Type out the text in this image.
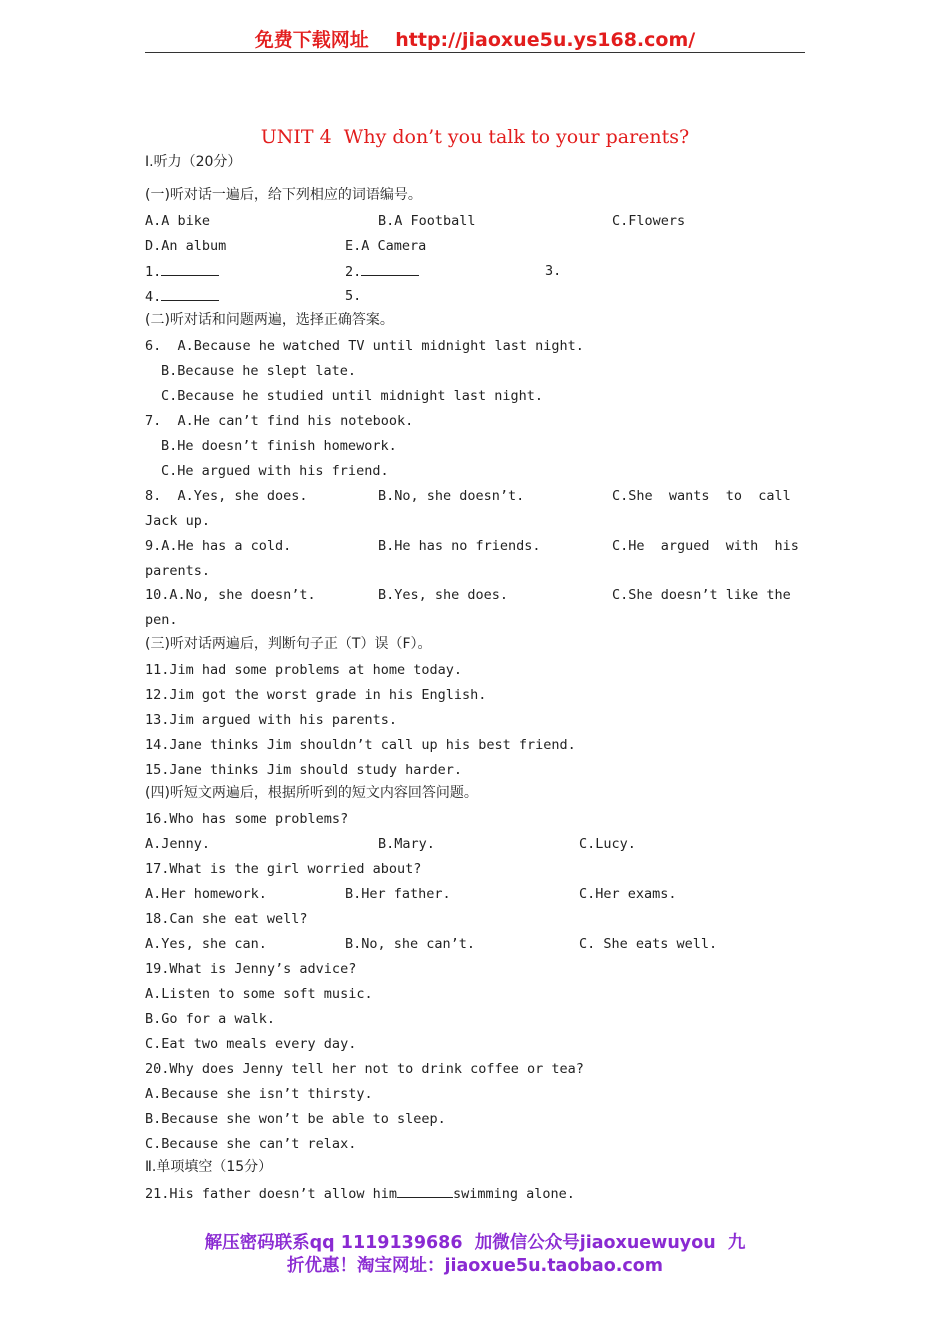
免费下载网址    http://jiaoxue5u.ys168.com/
UNIT 4  Why don’t you talk to your parents?
Ⅰ.听力（20分）
(一)听对话一遍后，给下列相应的词语编号。
A.A bike	B.A Football	C.Flowers
D.An album	E.A Camera
1.	2.	3.
4.	5.
(二)听对话和问题两遍，选择正确答案。
6.  A.Because he watched TV until midnight last night.
B.Because he slept late.
C.Because he studied until midnight last night.
7.  A.He can’t find his notebook.
B.He doesn’t finish homework.
C.He argued with his friend.
8.  A.Yes, she does.	B.No, she doesn’t.	C.She  wants  to  call
Jack up.
9.A.He has a cold.	B.He has no friends.	C.He  argued  with  his
parents.
10.A.No, she doesn’t.	B.Yes, she does.	C.She doesn’t like the
pen.
(三)听对话两遍后，判断句子正（T）误（F）。
11.Jim had some problems at home today.
12.Jim got the worst grade in his English.
13.Jim argued with his parents.
14.Jane thinks Jim shouldn’t call up his best friend.
15.Jane thinks Jim should study harder.
(四)听短文两遍后，根据所听到的短文内容回答问题。
16.Who has some problems?
A.Jenny.	B.Mary.	C.Lucy.
17.What is the girl worried about?
A.Her homework.	B.Her father.	C.Her exams.
18.Can she eat well?
A.Yes, she can.	B.No, she can’t.	C. She eats well.
19.What is Jenny’s advice?
A.Listen to some soft music.
B.Go for a walk.
C.Eat two meals every day.
20.Why does Jenny tell her not to drink coffee or tea?
A.Because she isn’t thirsty.
B.Because she won’t be able to sleep.
C.Because she can’t relax.
Ⅱ.单项填空（15分）
21.His father doesn’t allow him	swimming alone.
解压密码联系qq 1119139686  加微信公众号jiaoxuewuyou  九
折优惠！淘宝网址：jiaoxue5u.taobao.com
